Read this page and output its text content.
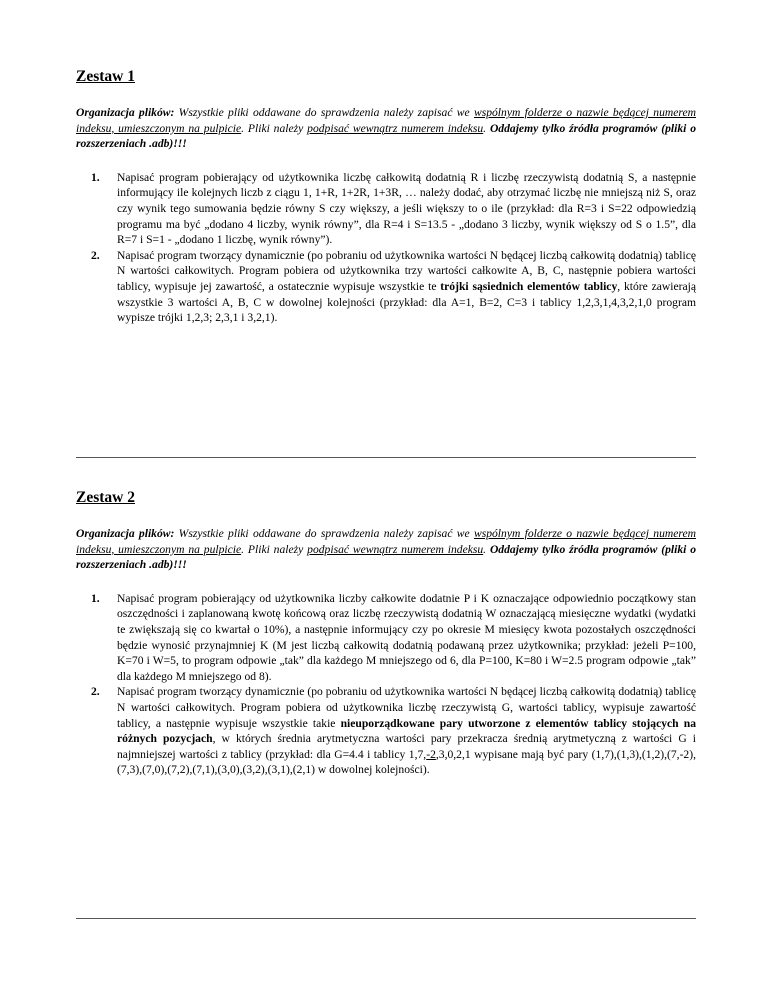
Zestaw 1

Organizacja plików: Wszystkie pliki oddawane do sprawdzenia należy zapisać we wspólnym folderze o nazwie będącej numerem indeksu, umieszczonym na pulpicie. Pliki należy podpisać wewnątrz numerem indeksu. Oddajemy tylko źródła programów (pliki o rozszerzeniach .adb)!!!

1. Napisać program pobierający od użytkownika liczbę całkowitą dodatnią R i liczbę rzeczywistą dodatnią S, a następnie informujący ile kolejnych liczb z ciągu 1, 1+R, 1+2R, 1+3R, … należy dodać, aby otrzymać liczbę nie mniejszą niż S, oraz czy wynik tego sumowania będzie równy S czy większy, a jeśli większy to o ile (przykład: dla R=3 i S=22 odpowiedzią programu ma być „dodano 4 liczby, wynik równy”, dla R=4 i S=13.5 - „dodano 3 liczby, wynik większy od S o 1.5”, dla R=7 i S=1 - „dodano 1 liczbę, wynik równy”).
2. Napisać program tworzący dynamicznie (po pobraniu od użytkownika wartości N będącej liczbą całkowitą dodatnią) tablicę N wartości całkowitych. Program pobiera od użytkownika trzy wartości całkowite A, B, C, następnie pobiera wartości tablicy, wypisuje jej zawartość, a ostatecznie wypisuje wszystkie te trójki sąsiednich elementów tablicy, które zawierają wszystkie 3 wartości A, B, C w dowolnej kolejności (przykład: dla A=1, B=2, C=3 i tablicy 1,2,3,1,4,3,2,1,0 program wypisze trójki 1,2,3; 2,3,1 i 3,2,1).

Zestaw 2

Organizacja plików: Wszystkie pliki oddawane do sprawdzenia należy zapisać we wspólnym folderze o nazwie będącej numerem indeksu, umieszczonym na pulpicie. Pliki należy podpisać wewnątrz numerem indeksu. Oddajemy tylko źródła programów (pliki o rozszerzeniach .adb)!!!

1. Napisać program pobierający od użytkownika liczby całkowite dodatnie P i K oznaczające odpowiednio początkowy stan oszczędności i zaplanowaną kwotę końcową oraz liczbę rzeczywistą dodatnią W oznaczającą miesięczne wydatki (wydatki te zwiększają się co kwartał o 10%), a następnie informujący czy po okresie M miesięcy kwota pozostałych oszczędności będzie wynosić przynajmniej K (M jest liczbą całkowitą dodatnią podawaną przez użytkownika; przykład: jeżeli P=100, K=70 i W=5, to program odpowie „tak” dla każdego M mniejszego od 6, dla P=100, K=80 i W=2.5 program odpowie „tak” dla każdego M mniejszego od 8).
2. Napisać program tworzący dynamicznie (po pobraniu od użytkownika wartości N będącej liczbą całkowitą dodatnią) tablicę N wartości całkowitych. Program pobiera od użytkownika liczbę rzeczywistą G, wartości tablicy, wypisuje zawartość tablicy, a następnie wypisuje wszystkie takie nieuporządkowane pary utworzone z elementów tablicy stojących na różnych pozycjach, w których średnia arytmetyczna wartości pary przekracza średnią arytmetyczną z wartości G i najmniejszej wartości z tablicy (przykład: dla G=4.4 i tablicy 1,7,-2,3,0,2,1 wypisane mają być pary (1,7),(1,3),(1,2),(7,-2),(7,3),(7,0),(7,2),(7,1),(3,0),(3,2),(3,1),(2,1) w dowolnej kolejności).
